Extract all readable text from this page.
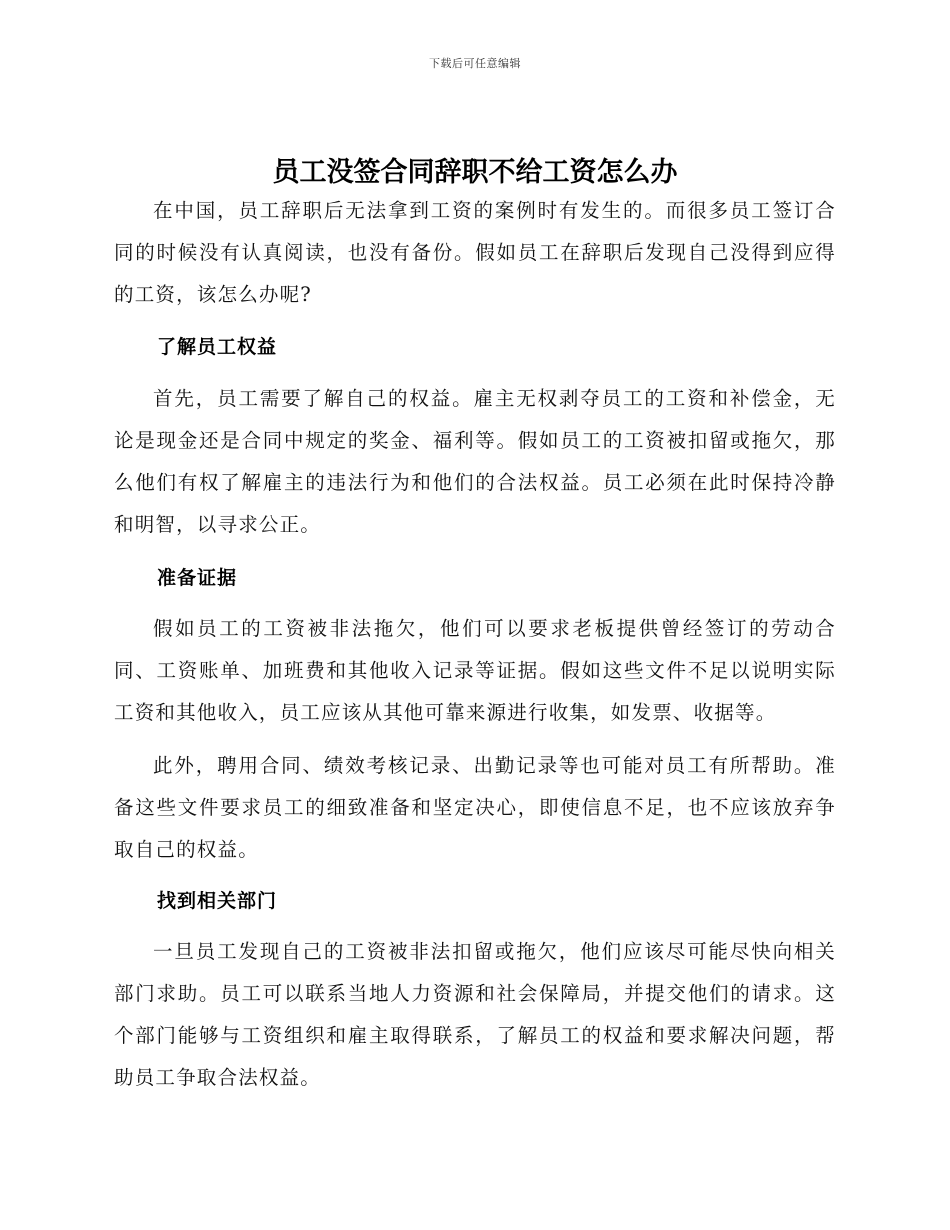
下载后可任意编辑
员工没签合同辞职不给工资怎么办

在中国，员工辞职后无法拿到工资的案例时有发生的。而很多员工签订合同的时候没有认真阅读，也没有备份。假如员工在辞职后发现自己没得到应得的工资，该怎么办呢?

了解员工权益

首先，员工需要了解自己的权益。雇主无权剥夺员工的工资和补偿金，无论是现金还是合同中规定的奖金、福利等。假如员工的工资被扣留或拖欠，那么他们有权了解雇主的违法行为和他们的合法权益。员工必须在此时保持冷静和明智，以寻求公正。

准备证据

假如员工的工资被非法拖欠，他们可以要求老板提供曾经签订的劳动合同、工资账单、加班费和其他收入记录等证据。假如这些文件不足以说明实际工资和其他收入，员工应该从其他可靠来源进行收集，如发票、收据等。

此外，聘用合同、绩效考核记录、出勤记录等也可能对员工有所帮助。准备这些文件要求员工的细致准备和坚定决心，即使信息不足，也不应该放弃争取自己的权益。

找到相关部门

一旦员工发现自己的工资被非法扣留或拖欠，他们应该尽可能尽快向相关部门求助。员工可以联系当地人力资源和社会保障局，并提交他们的请求。这个部门能够与工资组织和雇主取得联系，了解员工的权益和要求解决问题，帮助员工争取合法权益。
